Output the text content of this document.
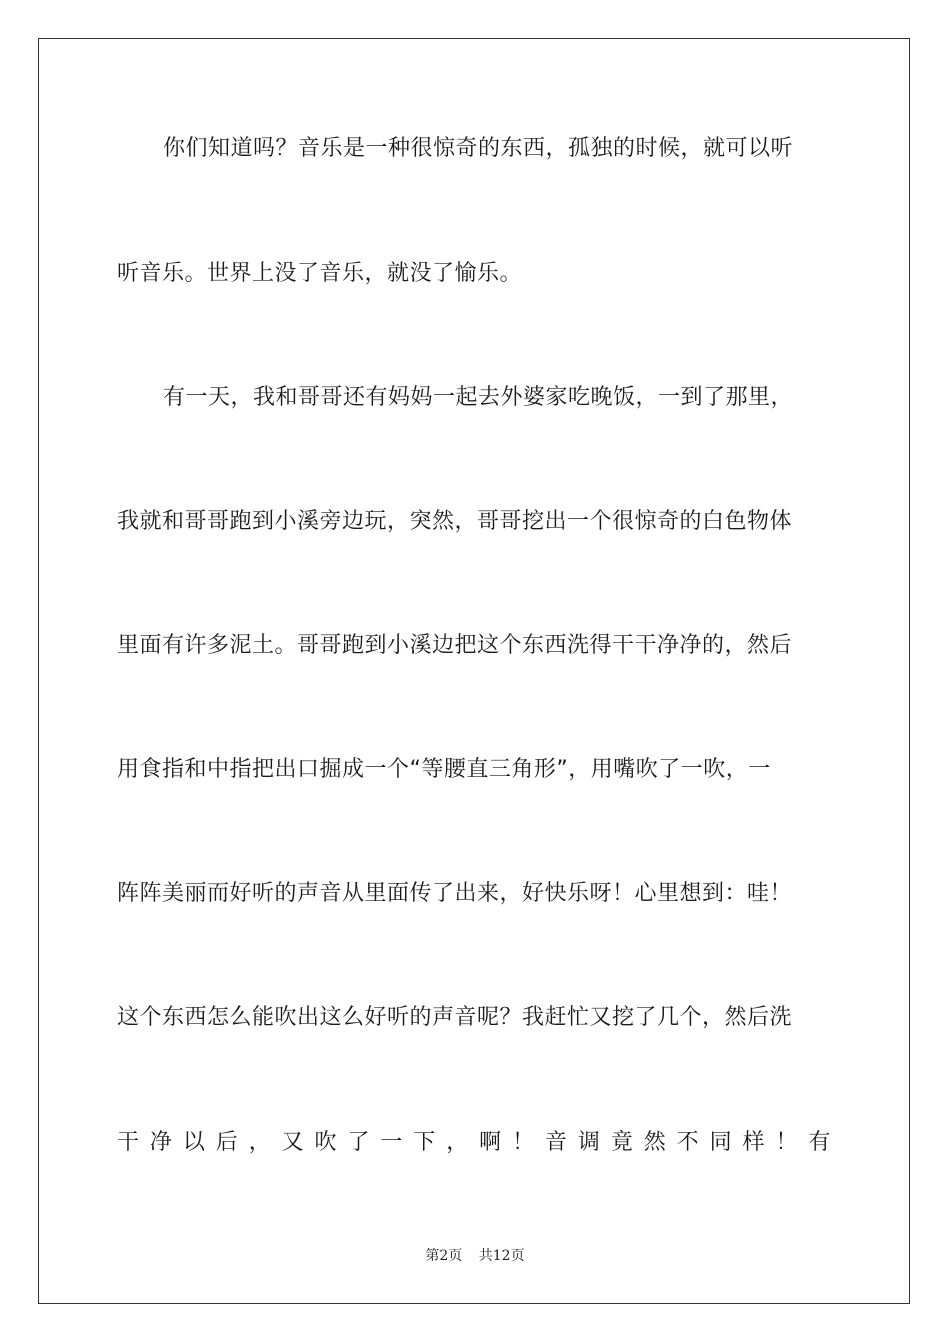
你们知道吗？音乐是一种很惊奇的东西，孤独的时候，就可以听
听音乐。世界上没了音乐，就没了愉乐。
有一天，我和哥哥还有妈妈一起去外婆家吃晚饭，一到了那里，
我就和哥哥跑到小溪旁边玩，突然，哥哥挖出一个很惊奇的白色物体
里面有许多泥土。哥哥跑到小溪边把这个东西洗得干干净净的，然后
用食指和中指把出口掘成一个“等腰直三角形”，用嘴吹了一吹，一
阵阵美丽而好听的声音从里面传了出来，好快乐呀！心里想到：哇！
这个东西怎么能吹出这么好听的声音呢？我赶忙又挖了几个，然后洗
干 净 以 后 ， 又 吹 了 一 下 ， 啊 ！ 音 调 竟 然 不 同 样 ！ 有
第2页 共12页
